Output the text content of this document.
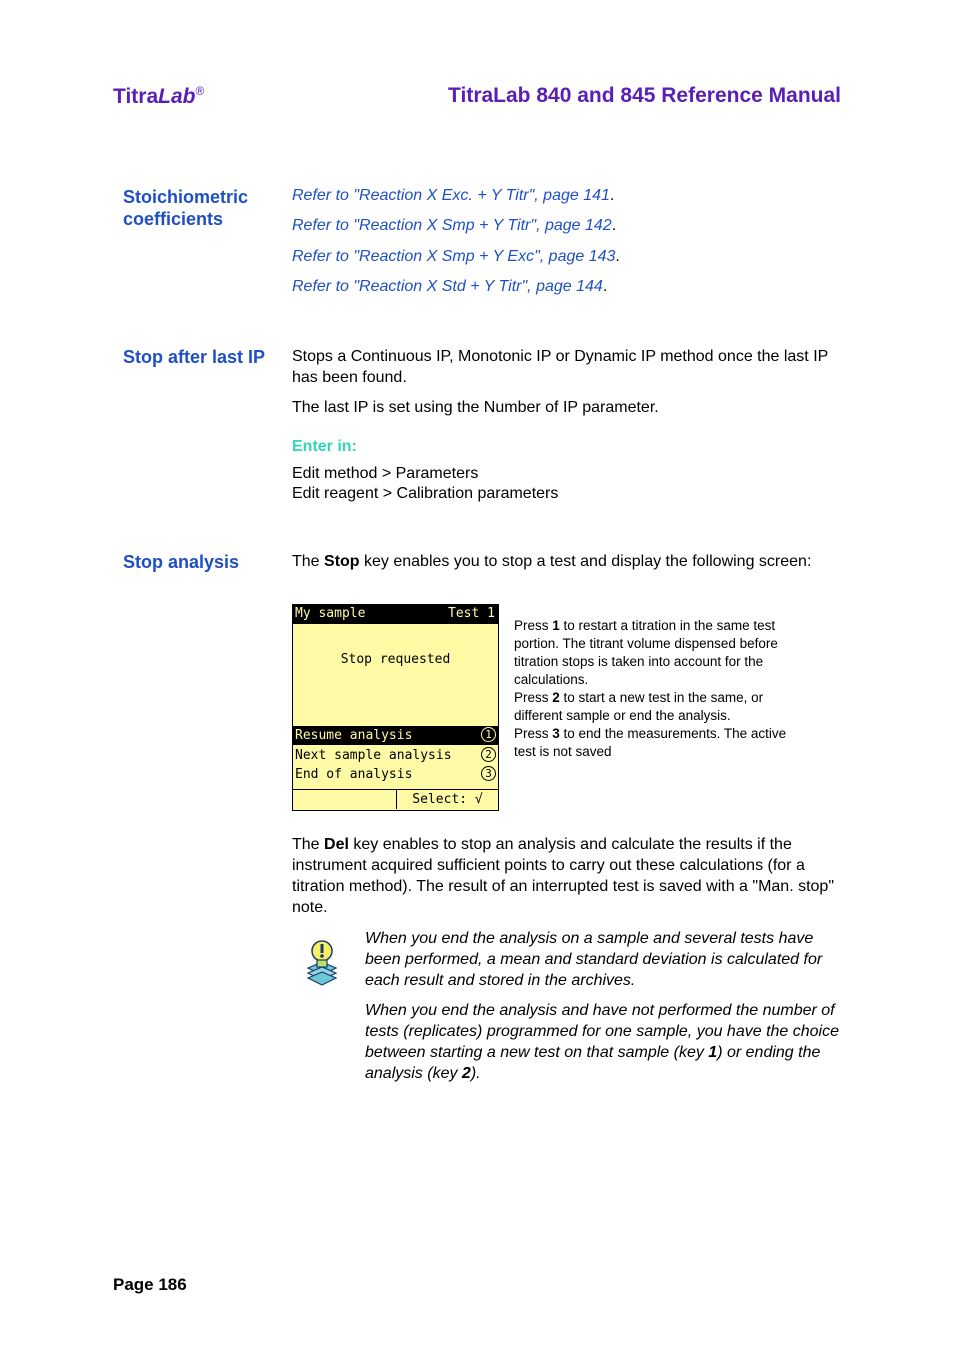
TitraLab®	TitraLab 840 and 845 Reference Manual
Stoichiometric coefficients
Refer to "Reaction X Exc. + Y Titr", page 141.
Refer to "Reaction X Smp + Y Titr", page 142.
Refer to "Reaction X Smp + Y Exc", page 143.
Refer to "Reaction X Std + Y Titr", page 144.
Stop after last IP	Stops a Continuous IP, Monotonic IP or Dynamic IP method once the last IP has been found.
The last IP is set using the Number of IP parameter.
Enter in:
Edit method > Parameters
Edit reagent > Calibration parameters
Stop analysis	The Stop key enables you to stop a test and display the following screen:
My sample	Test 1
Stop requested
Resume analysis	1
Next sample analysis	2
End of analysis	3
Select: √
Press 1 to restart a titration in the same test portion. The titrant volume dispensed before titration stops is taken into account for the calculations.
Press 2 to start a new test in the same, or different sample or end the analysis.
Press 3 to end the measurements. The active test is not saved
The Del key enables to stop an analysis and calculate the results if the instrument acquired sufficient points to carry out these calculations (for a titration method). The result of an interrupted test is saved with a "Man. stop" note.
When you end the analysis on a sample and several tests have been performed, a mean and standard deviation is calculated for each result and stored in the archives.
When you end the analysis and have not performed the number of tests (replicates) programmed for one sample, you have the choice between starting a new test on that sample (key 1) or ending the analysis (key 2).
Page 186
